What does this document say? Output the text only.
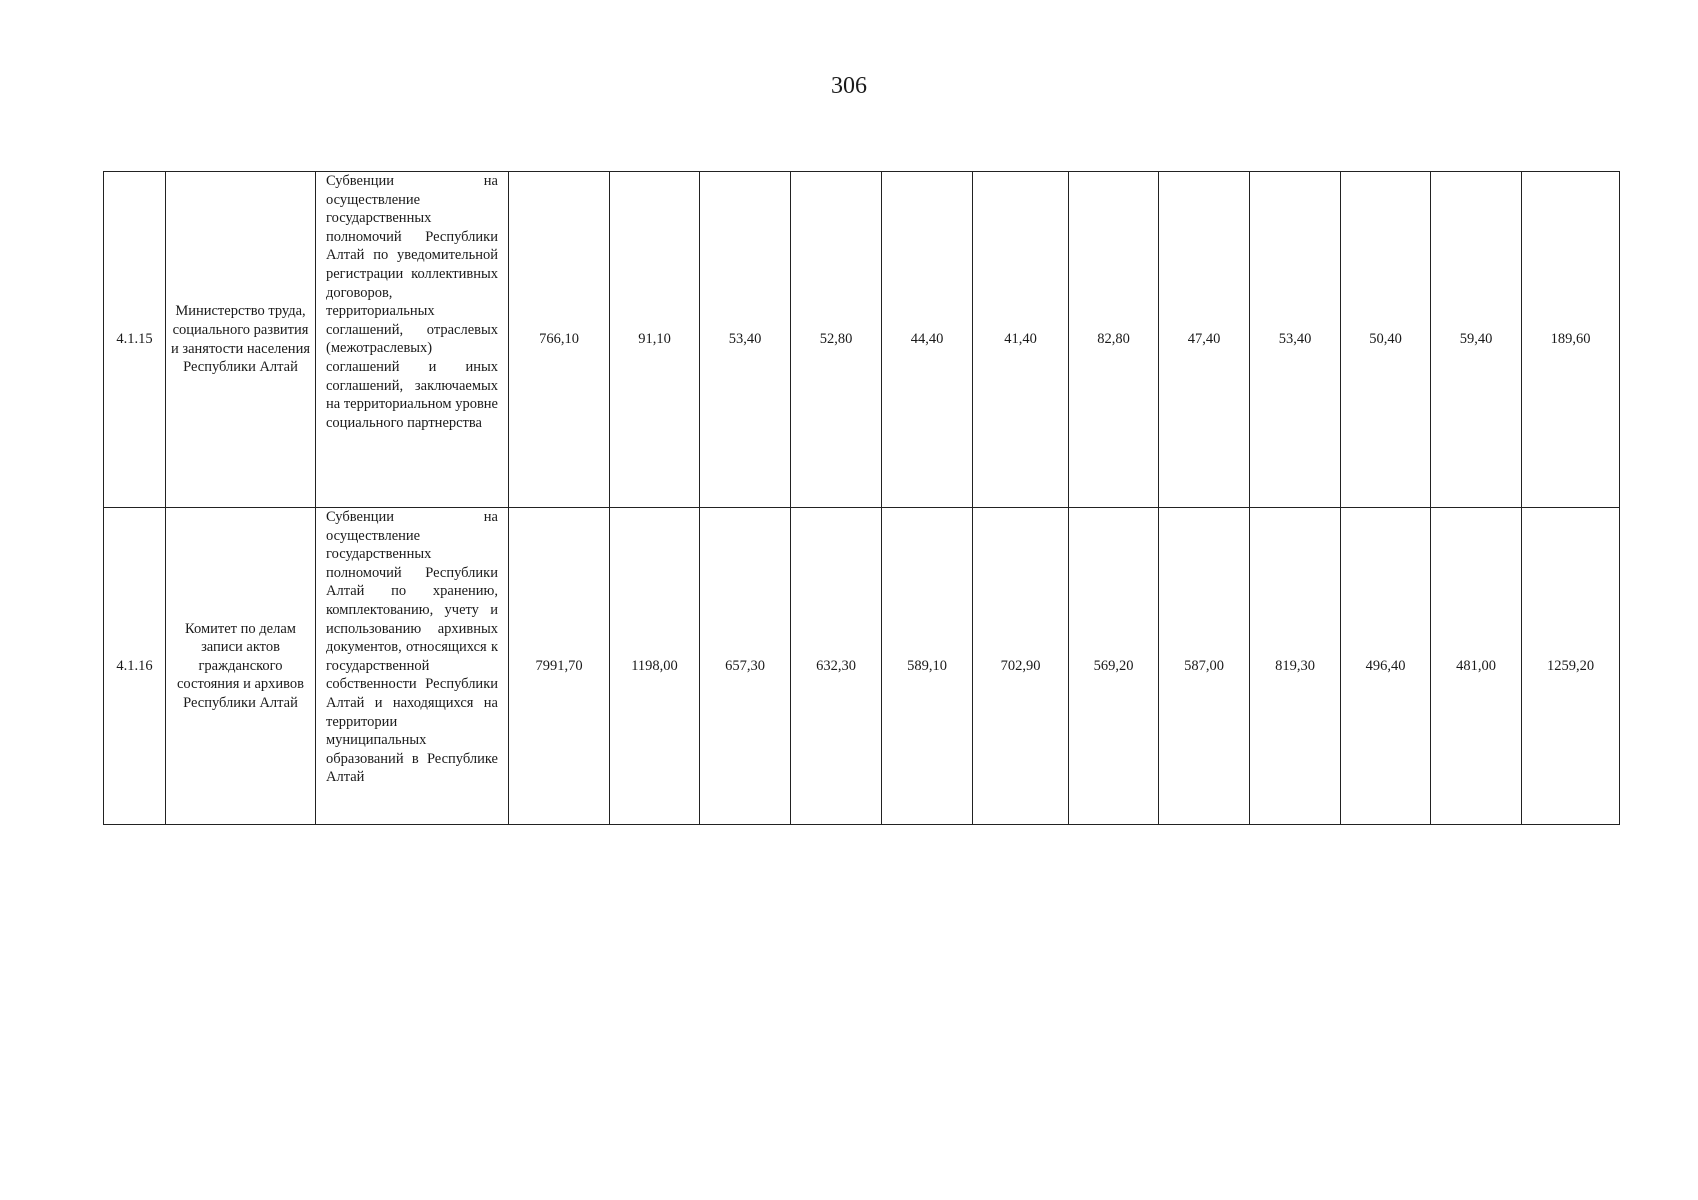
306
4.1.15	Министерство труда, социального развития и занятости населения Республики Алтай	Субвенции на осуществление государственных полномочий Республики Алтай по уведомительной регистрации коллективных договоров, территориальных соглашений, отраслевых (межотраслевых) соглашений и иных соглашений, заключаемых на территориальном уровне социального партнерства	766,10	91,10	53,40	52,80	44,40	41,40	82,80	47,40	53,40	50,40	59,40	189,60
4.1.16	Комитет по делам записи актов гражданского состояния и архивов Республики Алтай	Субвенции на осуществление государственных полномочий Республики Алтай по хранению, комплектованию, учету и использованию архивных документов, относящихся к государственной собственности Республики Алтай и находящихся на территории муниципальных образований в Республике Алтай	7991,70	1198,00	657,30	632,30	589,10	702,90	569,20	587,00	819,30	496,40	481,00	1259,20
